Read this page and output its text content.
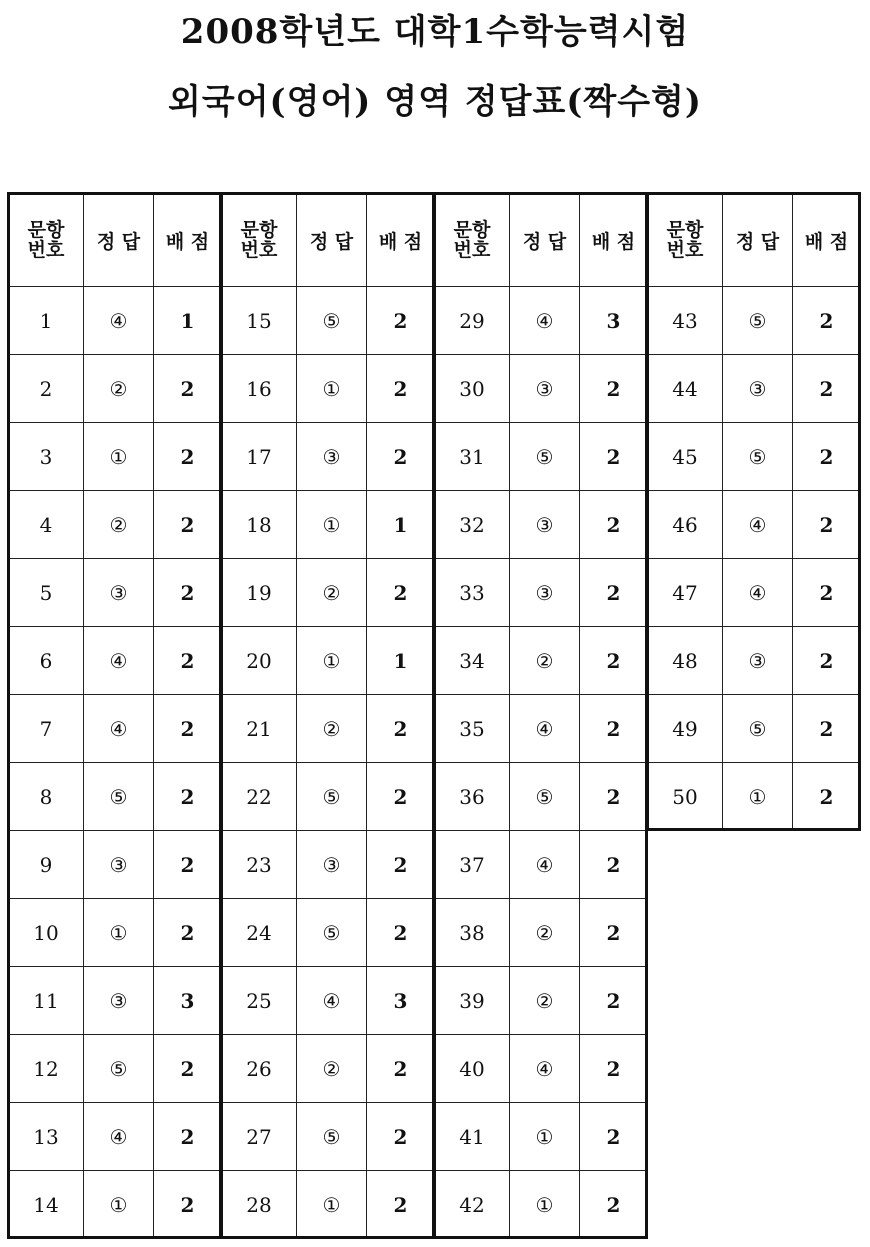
2008학년도 대학1수학능력시험
외국어(영어) 영역 정답표(짝수형)
문항
번호	정 답	배 점
1	④	1
2	②	2
3	①	2
4	②	2
5	③	2
6	④	2
7	④	2
8	⑤	2
9	③	2
10	①	2
11	③	3
12	⑤	2
13	④	2
14	①	2
문항
번호	정 답	배 점
15	⑤	2
16	①	2
17	③	2
18	①	1
19	②	2
20	①	1
21	②	2
22	⑤	2
23	③	2
24	⑤	2
25	④	3
26	②	2
27	⑤	2
28	①	2
문항
번호	정 답	배 점
29	④	3
30	③	2
31	⑤	2
32	③	2
33	③	2
34	②	2
35	④	2
36	⑤	2
37	④	2
38	②	2
39	②	2
40	④	2
41	①	2
42	①	2
문항
번호	정 답	배 점
43	⑤	2
44	③	2
45	⑤	2
46	④	2
47	④	2
48	③	2
49	⑤	2
50	①	2
